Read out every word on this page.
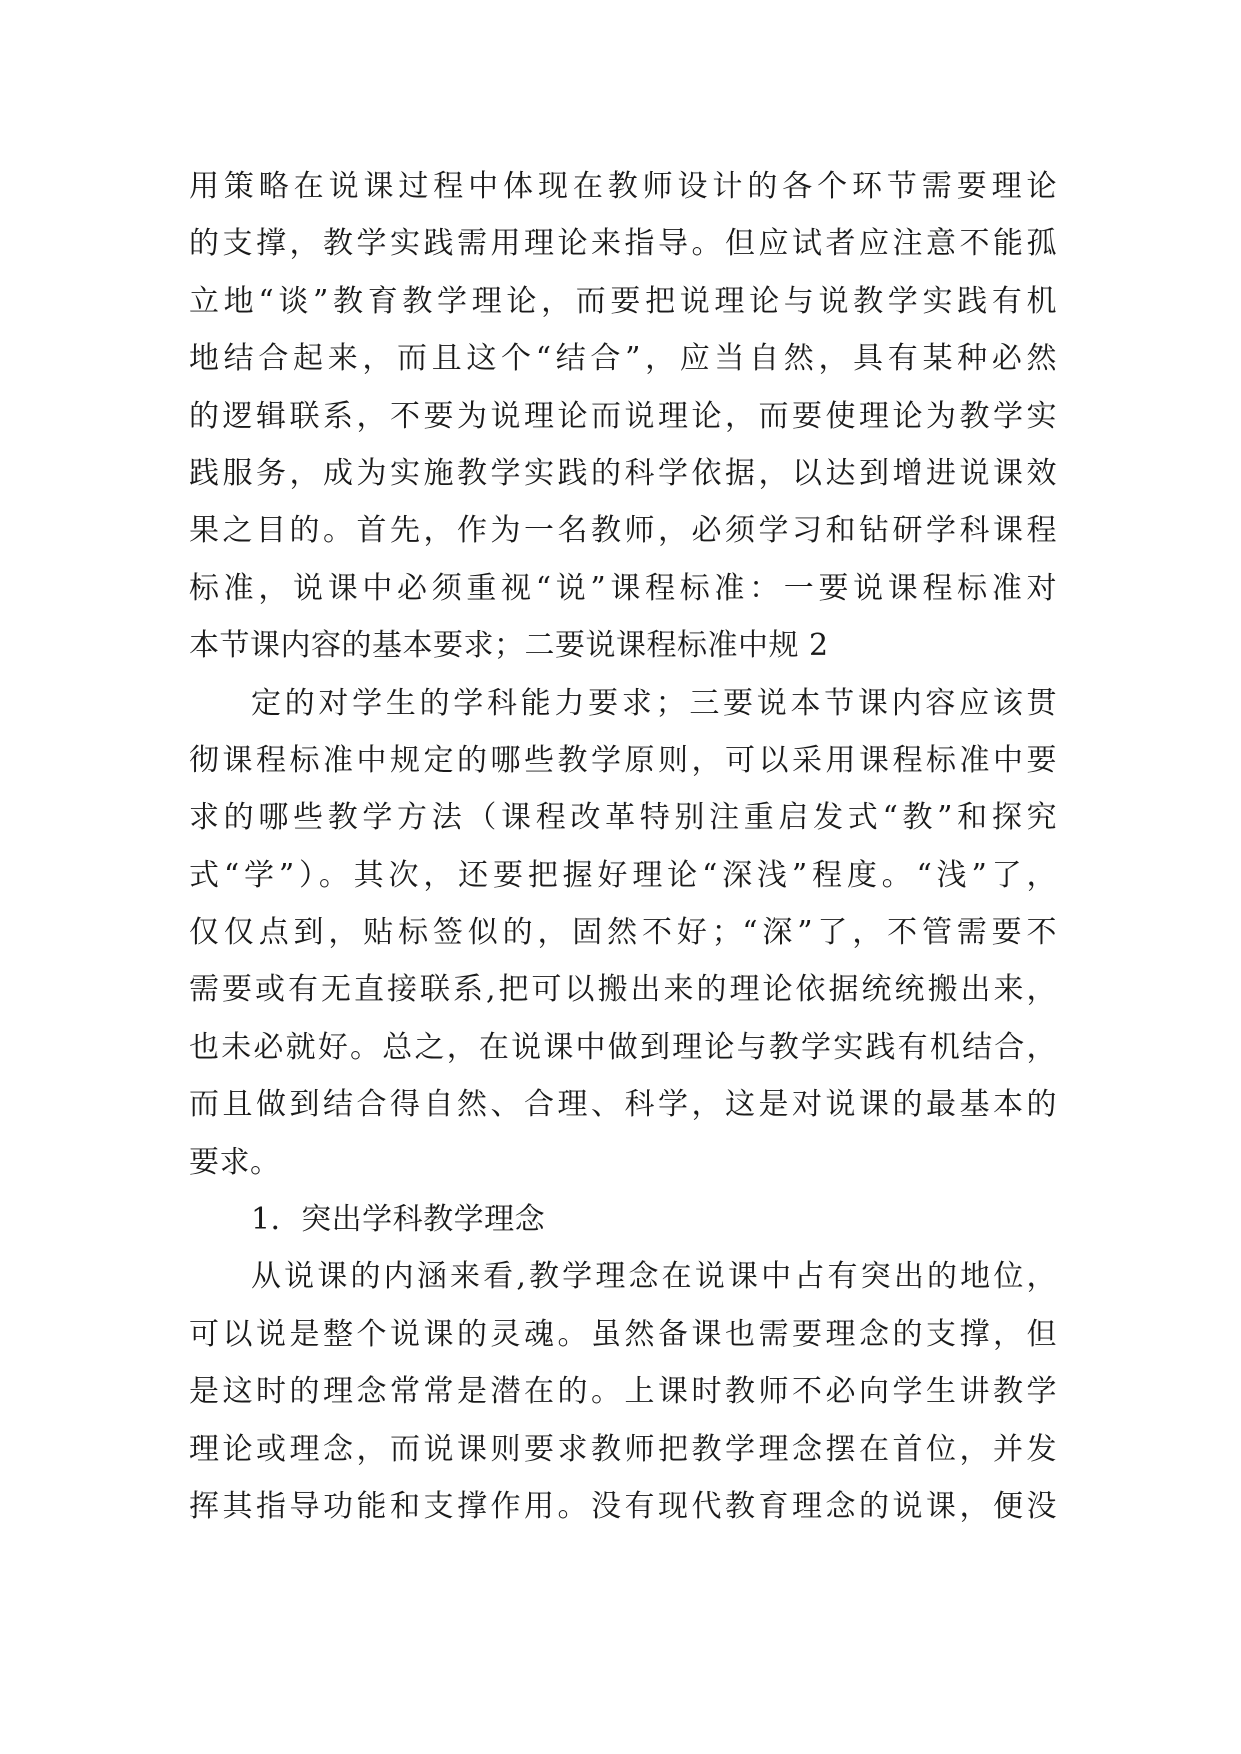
用策略在说课过程中体现在教师设计的各个环节需要理论
的支撑，教学实践需用理论来指导。但应试者应注意不能孤
立地“谈”教育教学理论，而要把说理论与说教学实践有机
地结合起来，而且这个“结合”，应当自然，具有某种必然
的逻辑联系，不要为说理论而说理论，而要使理论为教学实
践服务，成为实施教学实践的科学依据，以达到增进说课效
果之目的。首先，作为一名教师，必须学习和钻研学科课程
标准，说课中必须重视“说”课程标准：一要说课程标准对
本节课内容的基本要求；二要说课程标准中规 2
定的对学生的学科能力要求；三要说本节课内容应该贯
彻课程标准中规定的哪些教学原则，可以采用课程标准中要
求的哪些教学方法（课程改革特别注重启发式“教”和探究
式“学”）。其次，还要把握好理论“深浅”程度。“浅”了，
仅仅点到，贴标签似的，固然不好；“深”了，不管需要不
需要或有无直接联系,把可以搬出来的理论依据统统搬出来，
也未必就好。总之，在说课中做到理论与教学实践有机结合，
而且做到结合得自然、合理、科学，这是对说课的最基本的
要求。
1．突出学科教学理念
从说课的内涵来看,教学理念在说课中占有突出的地位，
可以说是整个说课的灵魂。虽然备课也需要理念的支撑，但
是这时的理念常常是潜在的。上课时教师不必向学生讲教学
理论或理念，而说课则要求教师把教学理念摆在首位，并发
挥其指导功能和支撑作用。没有现代教育理念的说课，便没
